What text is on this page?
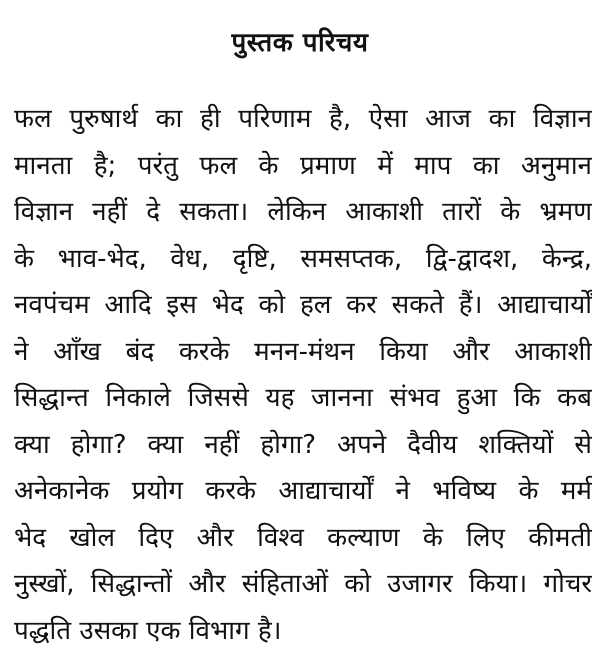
पुस्तक परिचय
फल पुरुषार्थ का ही परिणाम है, ऐसा आज का विज्ञान
मानता है; परंतु फल के प्रमाण में माप का अनुमान
विज्ञान नहीं दे सकता। लेकिन आकाशी तारों के भ्रमण
के भाव-भेद, वेध, दृष्टि, समसप्तक, द्वि-द्वादश, केन्द्र,
नवपंचम आदि इस भेद को हल कर सकते हैं। आद्याचार्यों
ने आँख बंद करके मनन-मंथन किया और आकाशी
सिद्धान्त निकाले जिससे यह जानना संभव हुआ कि कब
क्या होगा? क्या नहीं होगा? अपने दैवीय शक्तियों से
अनेकानेक प्रयोग करके आद्याचार्यों ने भविष्य के मर्म
भेद खोल दिए और विश्व कल्याण के लिए कीमती
नुस्खों, सिद्धान्तों और संहिताओं को उजागर किया। गोचर
पद्धति उसका एक विभाग है।
